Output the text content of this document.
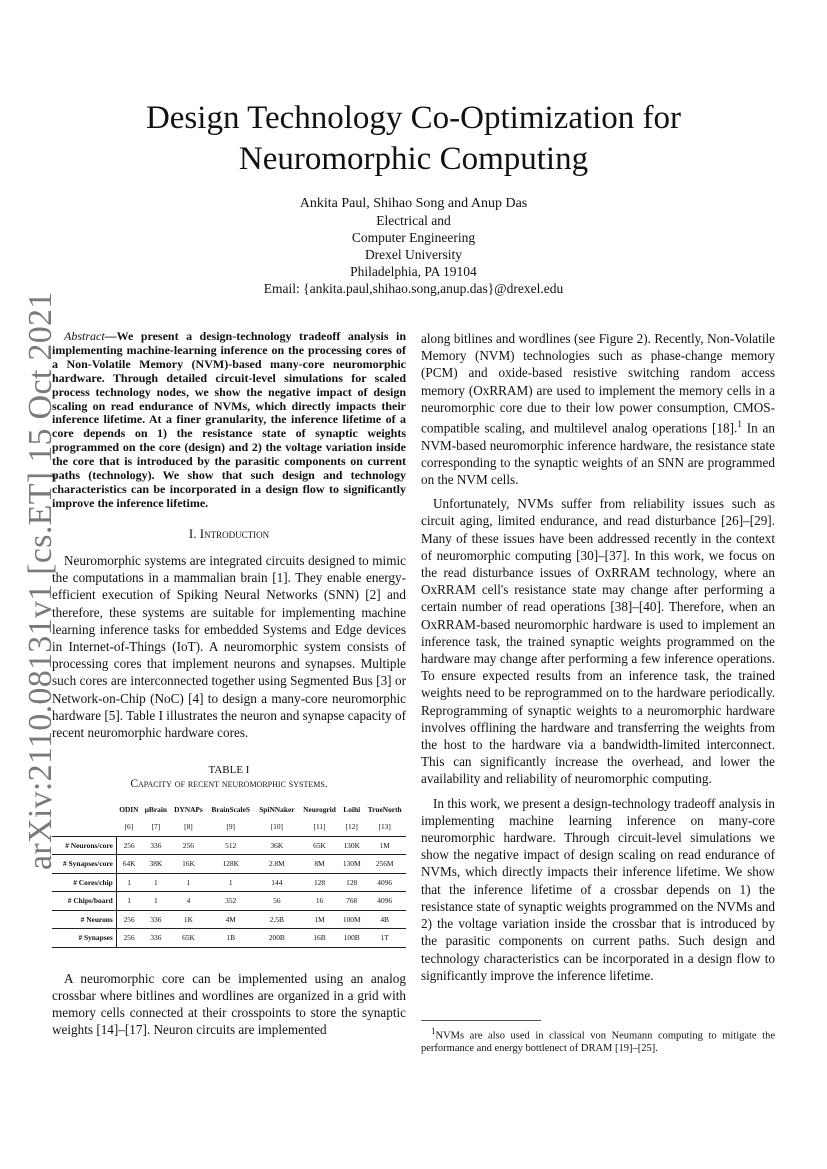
arXiv:2110.08131v1 [cs.ET] 15 Oct 2021
Design Technology Co-Optimization for Neuromorphic Computing
Ankita Paul, Shihao Song and Anup Das
Electrical and
Computer Engineering
Drexel University
Philadelphia, PA 19104
Email: {ankita.paul,shihao.song,anup.das}@drexel.edu

Abstract—We present a design-technology tradeoff analysis in implementing machine-learning inference on the processing cores of a Non-Volatile Memory (NVM)-based many-core neuromorphic hardware. Through detailed circuit-level simulations for scaled process technology nodes, we show the negative impact of design scaling on read endurance of NVMs, which directly impacts their inference lifetime. At a finer granularity, the inference lifetime of a core depends on 1) the resistance state of synaptic weights programmed on the core (design) and 2) the voltage variation inside the core that is introduced by the parasitic components on current paths (technology). We show that such design and technology characteristics can be incorporated in a design flow to significantly improve the inference lifetime.

I. Introduction

Neuromorphic systems are integrated circuits designed to mimic the computations in a mammalian brain [1]. They enable energy-efficient execution of Spiking Neural Networks (SNN) [2] and therefore, these systems are suitable for implementing machine learning inference tasks for embedded Systems and Edge devices in Internet-of-Things (IoT). A neuromorphic system consists of processing cores that implement neurons and synapses. Multiple such cores are interconnected together using Segmented Bus [3] or Network-on-Chip (NoC) [4] to design a many-core neuromorphic hardware [5]. Table I illustrates the neuron and synapse capacity of recent neuromorphic hardware cores.

TABLE I
Capacity of recent neuromorphic systems.
	ODIN	μBrain	DYNAPs	BrainScaleS	SpiNNaker	Neurogrid	Loihi	TrueNorth
	[6]	[7]	[8]	[9]	[10]	[11]	[12]	[13]
# Neurons/core	256	336	256	512	36K	65K	130K	1M
# Synapses/core	64K	38K	16K	128K	2.8M	8M	130M	256M
# Cores/chip	1	1	1	1	144	128	128	4096
# Chips/board	1	1	4	352	56	16	768	4096
# Neurons	256	336	1K	4M	2.5B	1M	100M	4B
# Synapses	256	336	65K	1B	200B	16B	100B	1T

A neuromorphic core can be implemented using an analog crossbar where bitlines and wordlines are organized in a grid with memory cells connected at their crosspoints to store the synaptic weights [14]–[17]. Neuron circuits are implemented

along bitlines and wordlines (see Figure 2). Recently, Non-Volatile Memory (NVM) technologies such as phase-change memory (PCM) and oxide-based resistive switching random access memory (OxRRAM) are used to implement the memory cells in a neuromorphic core due to their low power consumption, CMOS-compatible scaling, and multilevel analog operations [18].$^1$ In an NVM-based neuromorphic inference hardware, the resistance state corresponding to the synaptic weights of an SNN are programmed on the NVM cells.

Unfortunately, NVMs suffer from reliability issues such as circuit aging, limited endurance, and read disturbance [26]–[29]. Many of these issues have been addressed recently in the context of neuromorphic computing [30]–[37]. In this work, we focus on the read disturbance issues of OxRRAM technology, where an OxRRAM cell's resistance state may change after performing a certain number of read operations [38]–[40]. Therefore, when an OxRRAM-based neuromorphic hardware is used to implement an inference task, the trained synaptic weights programmed on the hardware may change after performing a few inference operations. To ensure expected results from an inference task, the trained weights need to be reprogrammed on to the hardware periodically. Reprogramming of synaptic weights to a neuromorphic hardware involves offlining the hardware and transferring the weights from the host to the hardware via a bandwidth-limited interconnect. This can significantly increase the overhead, and lower the availability and reliability of neuromorphic computing.

In this work, we present a design-technology tradeoff analysis in implementing machine learning inference on many-core neuromorphic hardware. Through circuit-level simulations we show the negative impact of design scaling on read endurance of NVMs, which directly impacts their inference lifetime. We show that the inference lifetime of a crossbar depends on 1) the resistance state of synaptic weights programmed on the NVMs and 2) the voltage variation inside the crossbar that is introduced by the parasitic components on current paths. Such design and technology characteristics can be incorporated in a design flow to significantly improve the inference lifetime.

$^1$NVMs are also used in classical von Neumann computing to mitigate the performance and energy bottlenect of DRAM [19]–[25].
